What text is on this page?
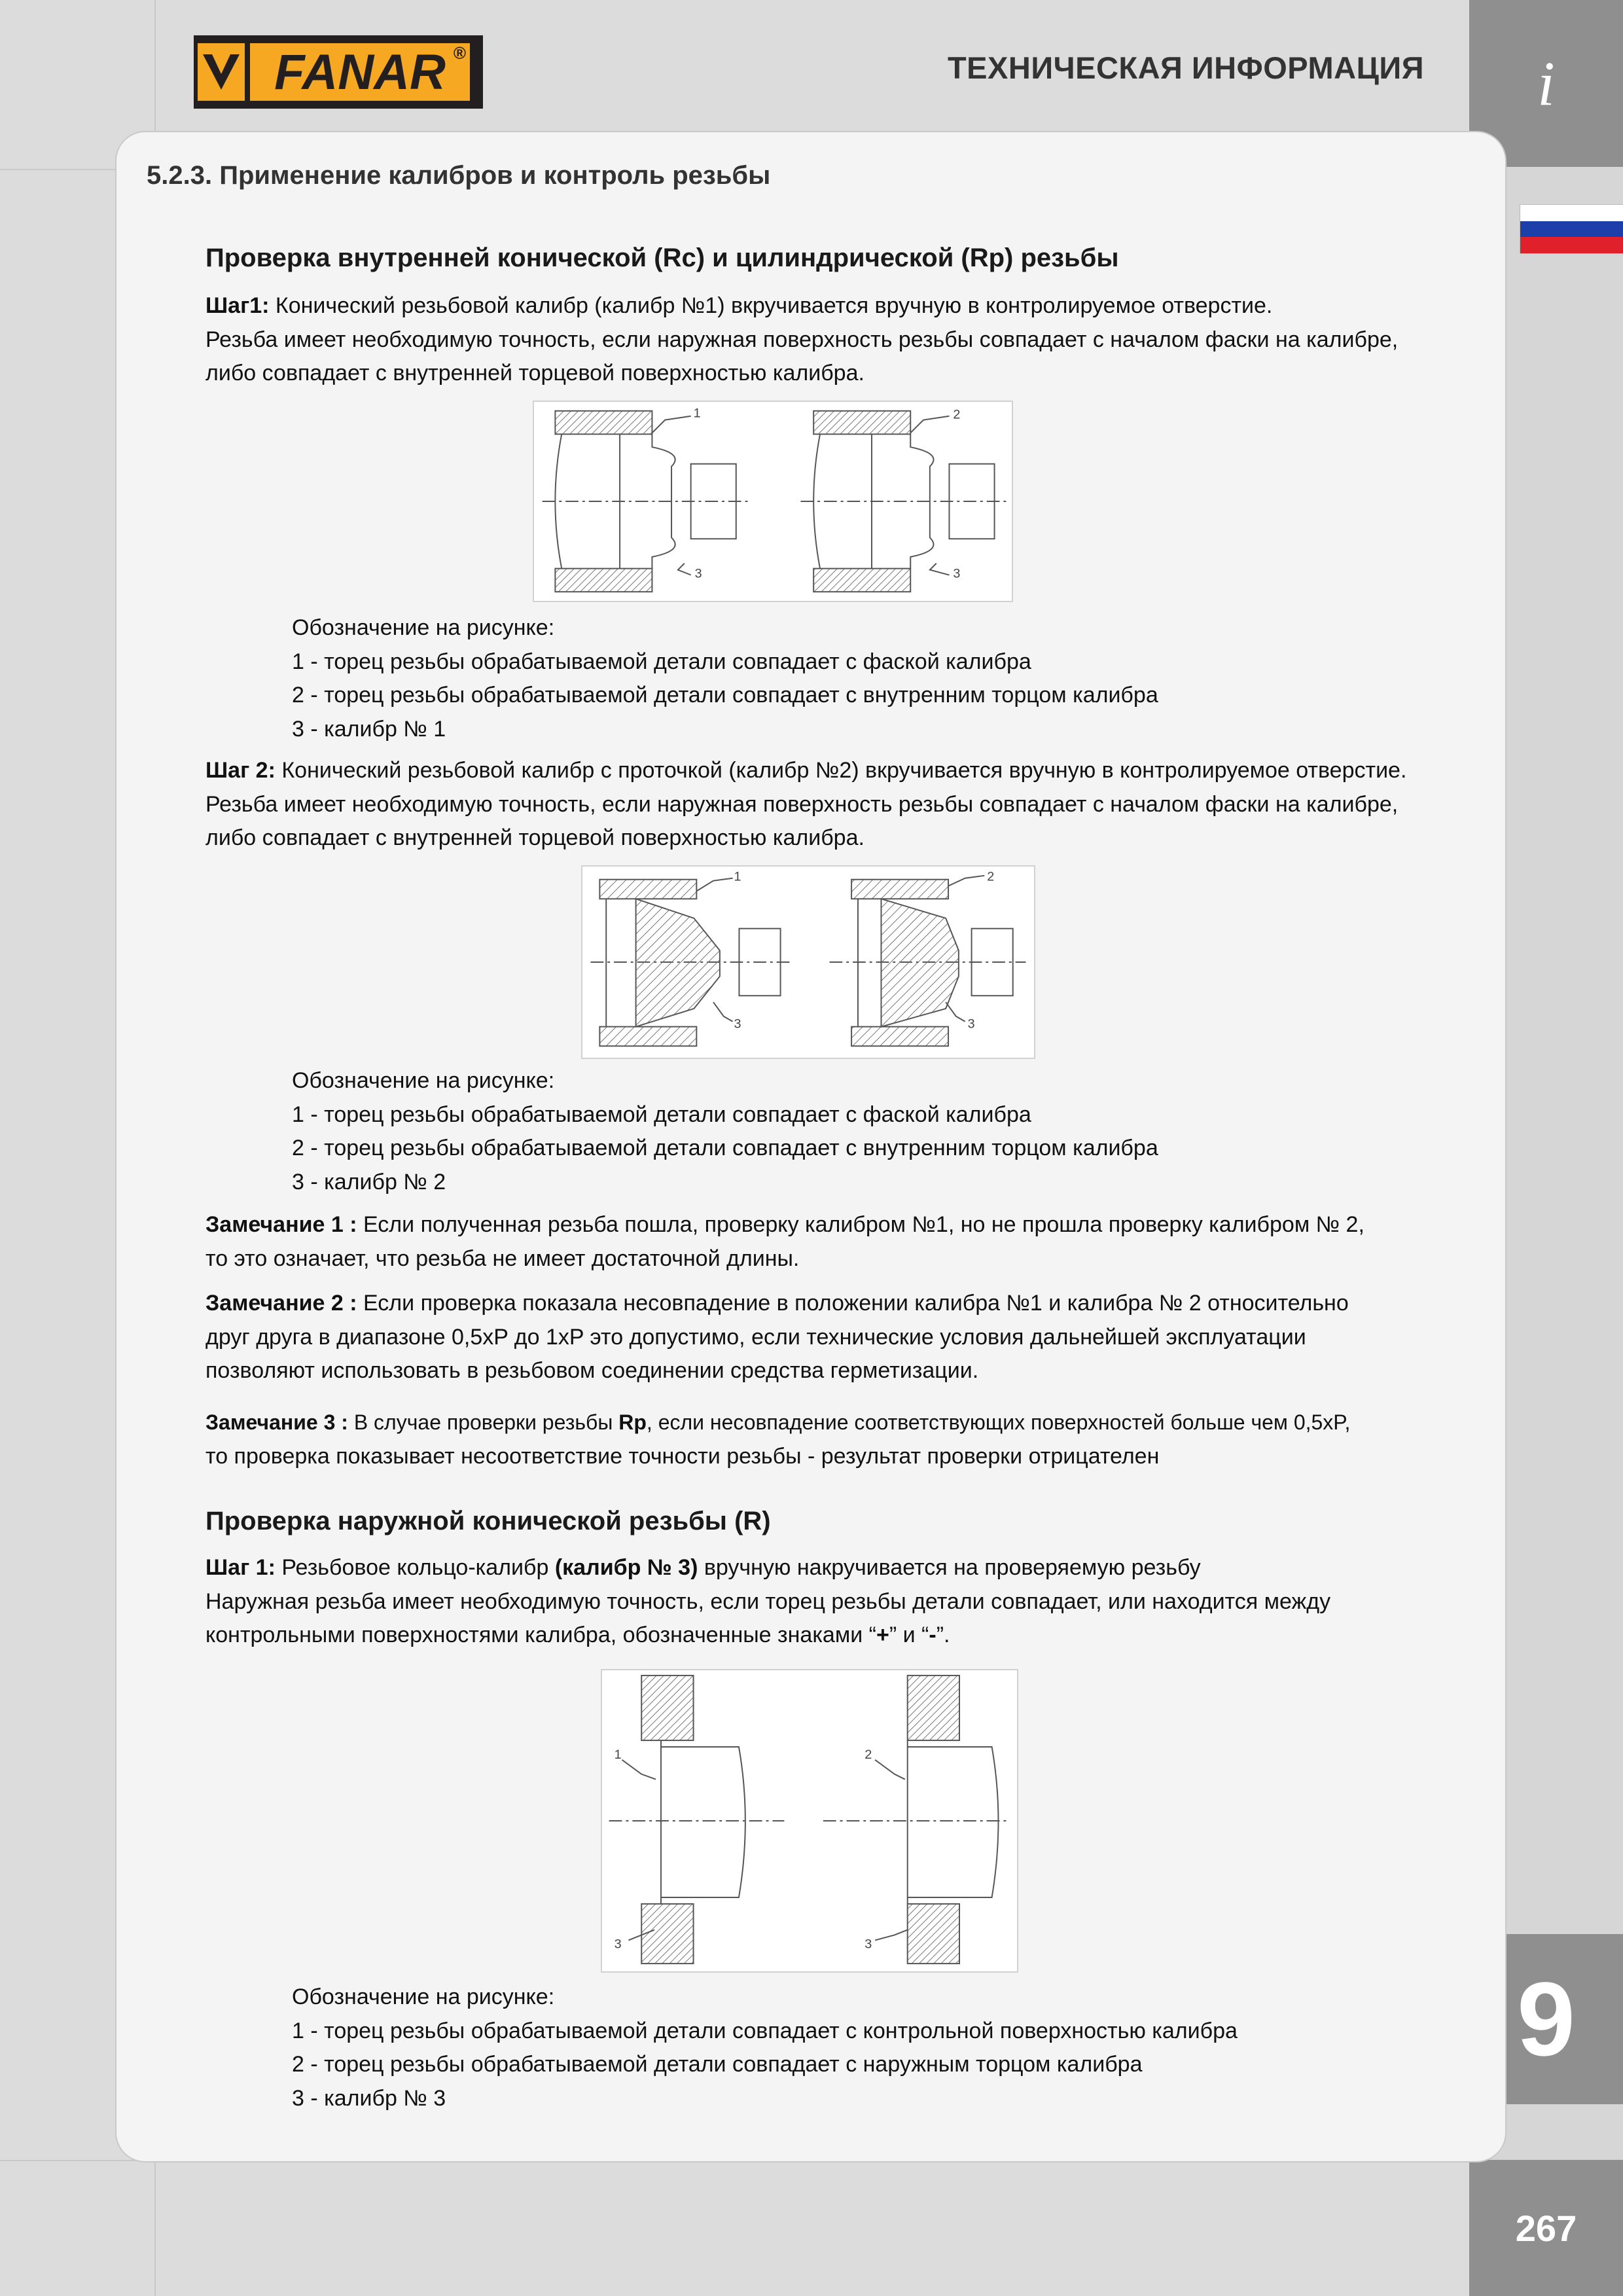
i
9
267
FANAR ®	ТЕХНИЧЕСКАЯ ИНФОРМАЦИЯ
5.2.3. Применение калибров и контроль резьбы
Проверка внутренней конической (Rc) и цилиндрической (Rp) резьбы

Шаг1: Конический резьбовой калибр (калибр №1) вкручивается вручную в контролируемое отверстие.

Резьба имеет необходимую точность, если наружная поверхность резьбы совпадает с началом фаски на калибре,

либо совпадает с внутренней торцевой поверхностью калибра.

1	2
3	3

Обозначение на рисунке:

1 - торец резьбы обрабатываемой детали совпадает с фаской калибра

2 - торец резьбы обрабатываемой детали совпадает с внутренним торцом калибра

3 - калибр № 1

Шаг 2: Конический резьбовой калибр с проточкой (калибр №2) вкручивается вручную в контролируемое отверстие.

Резьба имеет необходимую точность, если наружная поверхность резьбы совпадает с началом фаски на калибре,

либо совпадает с внутренней торцевой поверхностью калибра.

1	2
3	3

Обозначение на рисунке:

1 - торец резьбы обрабатываемой детали совпадает с фаской калибра

2 - торец резьбы обрабатываемой детали совпадает с внутренним торцом калибра

3 - калибр № 2

Замечание 1 : Если полученная резьба пошла, проверку калибром №1, но не прошла проверку калибром № 2,

то это означает, что резьба не имеет достаточной длины.

Замечание 2 : Если проверка показала несовпадение в положении калибра №1 и калибра № 2 относительно

друг друга в диапазоне 0,5xP до 1xP это допустимо, если технические условия дальнейшей эксплуатации

позволяют использовать в резьбовом соединении средства герметизации.

Замечание 3 : В случае проверки резьбы Rp, если несовпадение соответствующих поверхностей больше чем 0,5xP,

то проверка показывает несоответствие точности резьбы - результат проверки отрицателен

Проверка наружной конической резьбы (R)

Шаг 1: Резьбовое кольцо-калибр (калибр № 3) вручную накручивается на проверяемую резьбу

Наружная резьба имеет необходимую точность, если торец резьбы детали совпадает, или находится между

контрольными поверхностями калибра, обозначенные знаками “+” и “-”.

1	2
3	3

Обозначение на рисунке:

1 - торец резьбы обрабатываемой детали совпадает с контрольной поверхностью калибра

2 - торец резьбы обрабатываемой детали совпадает с наружным торцом калибра

3 - калибр № 3
